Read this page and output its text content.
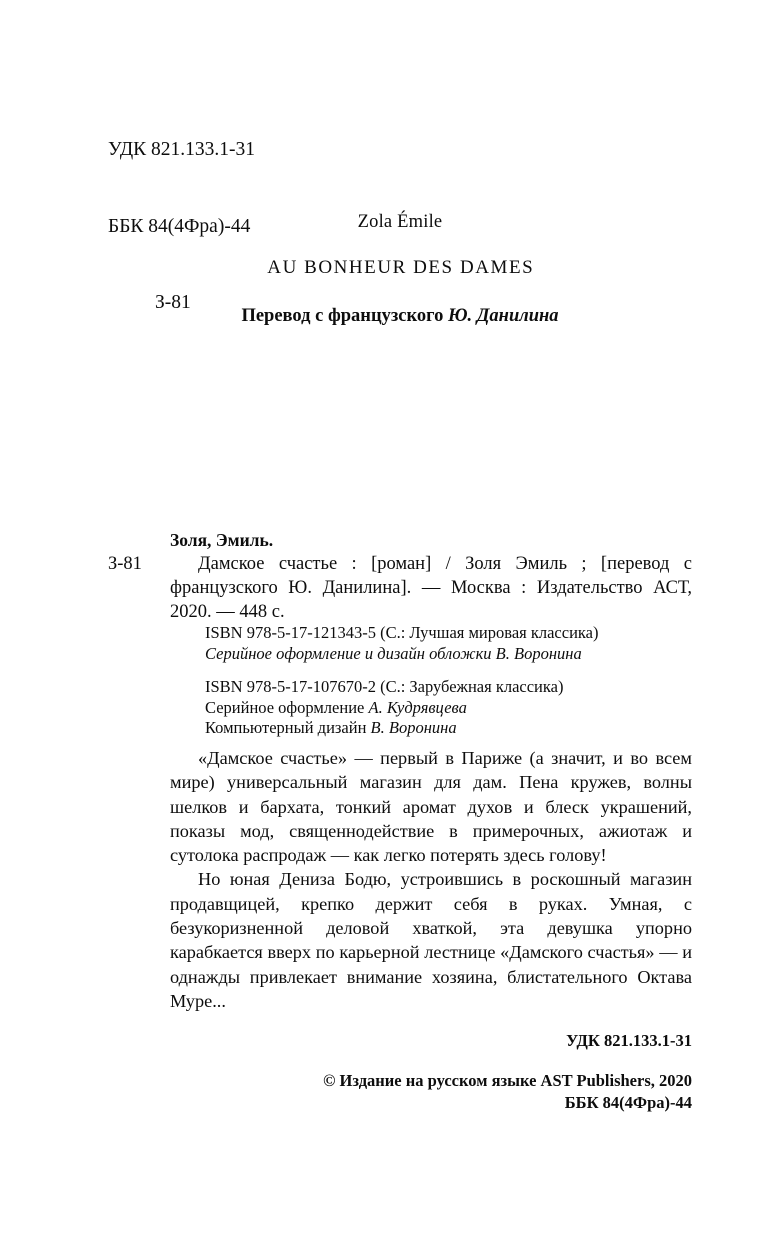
УДК 821.133.1-31

ББК 84(4Фра)-44

З-81

Zola Émile
AU BONHEUR DES DAMES
Перевод с французского Ю. Данилина
Золя, Эмиль.
З-81	Дамское счастье : [роман] / Золя Эмиль ; [перевод с французского Ю. Данилина]. — Москва : Издательство АСТ, 2020. — 448 с.
ISBN 978-5-17-121343-5 (С.: Лучшая мировая классика)
Серийное оформление и дизайн обложки В. Воронина
ISBN 978-5-17-107670-2 (С.: Зарубежная классика)
Серийное оформление А. Кудрявцева
Компьютерный дизайн В. Воронина

«Дамское счастье» — первый в Париже (а значит, и во всем мире) универсальный магазин для дам. Пена кружев, волны шелков и бархата, тонкий аромат духов и блеск украшений, показы мод, священнодействие в примерочных, ажиотаж и сутолока распродаж — как легко потерять здесь голову!

Но юная Дениза Бодю, устроившись в роскошный магазин продавщицей, крепко держит себя в руках. Умная, с безукоризненной деловой хваткой, эта девушка упорно карабкается вверх по карьерной лестнице «Дамского счастья» — и однажды привлекает внимание хозяина, блистательного Октава Муре...

УДК 821.133.1-31

ББК 84(4Фра)-44

© Издание на русском языке AST Publishers, 2020
